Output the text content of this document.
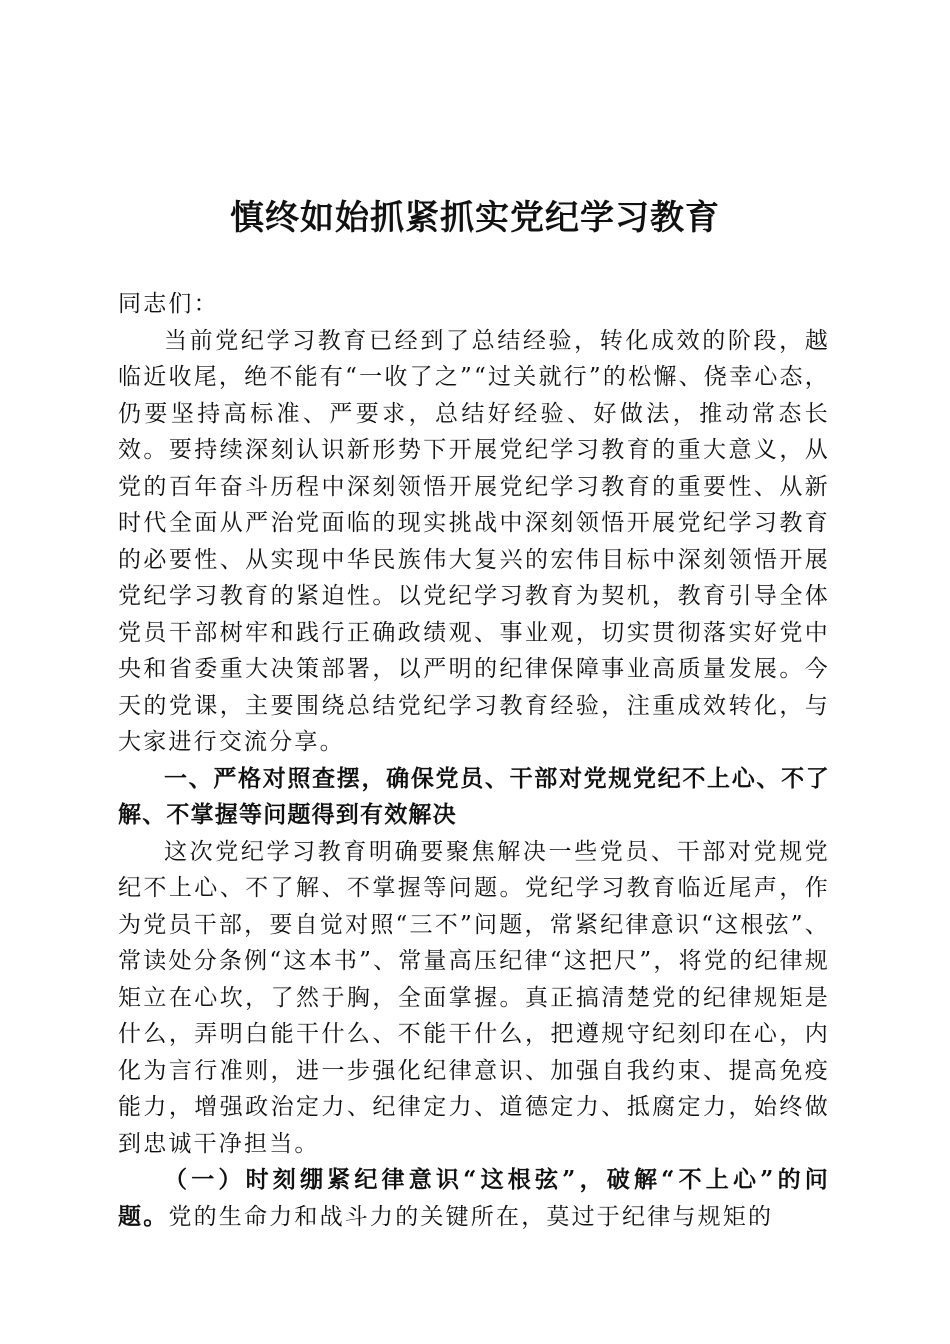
慎终如始抓紧抓实党纪学习教育

同志们：

当前党纪学习教育已经到了总结经验，转化成效的阶段，越临近收尾，绝不能有“一收了之”“过关就行”的松懈、侥幸心态，仍要坚持高标准、严要求，总结好经验、好做法，推动常态长效。要持续深刻认识新形势下开展党纪学习教育的重大意义，从党的百年奋斗历程中深刻领悟开展党纪学习教育的重要性、从新时代全面从严治党面临的现实挑战中深刻领悟开展党纪学习教育的必要性、从实现中华民族伟大复兴的宏伟目标中深刻领悟开展党纪学习教育的紧迫性。以党纪学习教育为契机，教育引导全体党员干部树牢和践行正确政绩观、事业观，切实贯彻落实好党中央和省委重大决策部署，以严明的纪律保障事业高质量发展。今天的党课，主要围绕总结党纪学习教育经验，注重成效转化，与大家进行交流分享。

一、严格对照查摆，确保党员、干部对党规党纪不上心、不了解、不掌握等问题得到有效解决

这次党纪学习教育明确要聚焦解决一些党员、干部对党规党纪不上心、不了解、不掌握等问题。党纪学习教育临近尾声，作为党员干部，要自觉对照“三不”问题，常紧纪律意识“这根弦”、常读处分条例“这本书”、常量高压纪律“这把尺”，将党的纪律规矩立在心坎，了然于胸，全面掌握。真正搞清楚党的纪律规矩是什么，弄明白能干什么、不能干什么，把遵规守纪刻印在心，内化为言行准则，进一步强化纪律意识、加强自我约束、提高免疫能力，增强政治定力、纪律定力、道德定力、抵腐定力，始终做到忠诚干净担当。

（一）时刻绷紧纪律意识“这根弦”，破解“不上心”的问题。党的生命力和战斗力的关键所在，莫过于纪律与规矩的
